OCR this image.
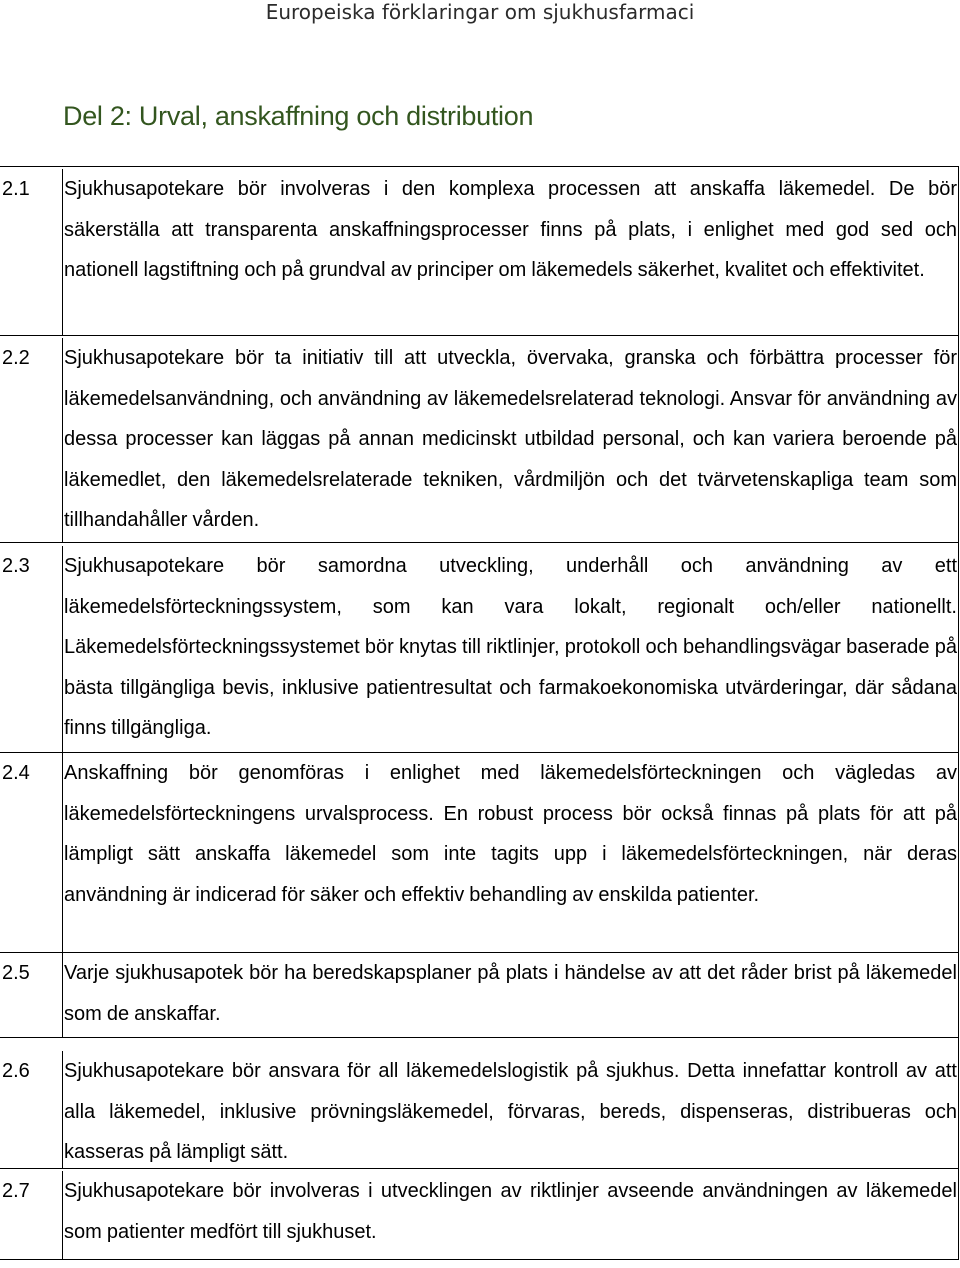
Europeiska förklaringar om sjukhusfarmaci
Del 2: Urval, anskaffning och distribution
2.1	Sjukhusapotekare bör involveras i den komplexa processen att anskaffa läkemedel. De bör säkerställa att transparenta anskaffningsprocesser finns på plats, i enlighet med god sed och nationell lagstiftning och på grundval av principer om läkemedels säkerhet, kvalitet och effektivitet.
2.2	Sjukhusapotekare bör ta initiativ till att utveckla, övervaka, granska och förbättra processer för läkemedelsanvändning, och användning av läkemedelsrelaterad teknologi. Ansvar för användning av dessa processer kan läggas på annan medicinskt utbildad personal, och kan variera beroende på läkemedlet, den läkemedelsrelaterade tekniken, vårdmiljön och det tvärvetenskapliga team som tillhandahåller vården.
2.3	Sjukhusapotekare bör samordna utveckling, underhåll och användning av ett läkemedelsförteckningssystem, som kan vara lokalt, regionalt och/eller nationellt. Läkemedelsförteckningssystemet bör knytas till riktlinjer, protokoll och behandlingsvägar baserade på bästa tillgängliga bevis, inklusive patientresultat och farmakoekonomiska utvärderingar, där sådana finns tillgängliga.
2.4	Anskaffning bör genomföras i enlighet med läkemedelsförteckningen och vägledas av läkemedelsförteckningens urvalsprocess. En robust process bör också finnas på plats för att på lämpligt sätt anskaffa läkemedel som inte tagits upp i läkemedelsförteckningen, när deras användning är indicerad för säker och effektiv behandling av enskilda patienter.
2.5	Varje sjukhusapotek bör ha beredskapsplaner på plats i händelse av att det råder brist på läkemedel som de anskaffar.
2.6	Sjukhusapotekare bör ansvara för all läkemedelslogistik på sjukhus. Detta innefattar kontroll av att alla läkemedel, inklusive prövningsläkemedel, förvaras, bereds, dispenseras, distribueras och kasseras på lämpligt sätt.
2.7	Sjukhusapotekare bör involveras i utvecklingen av riktlinjer avseende användningen av läkemedel som patienter medfört till sjukhuset.
